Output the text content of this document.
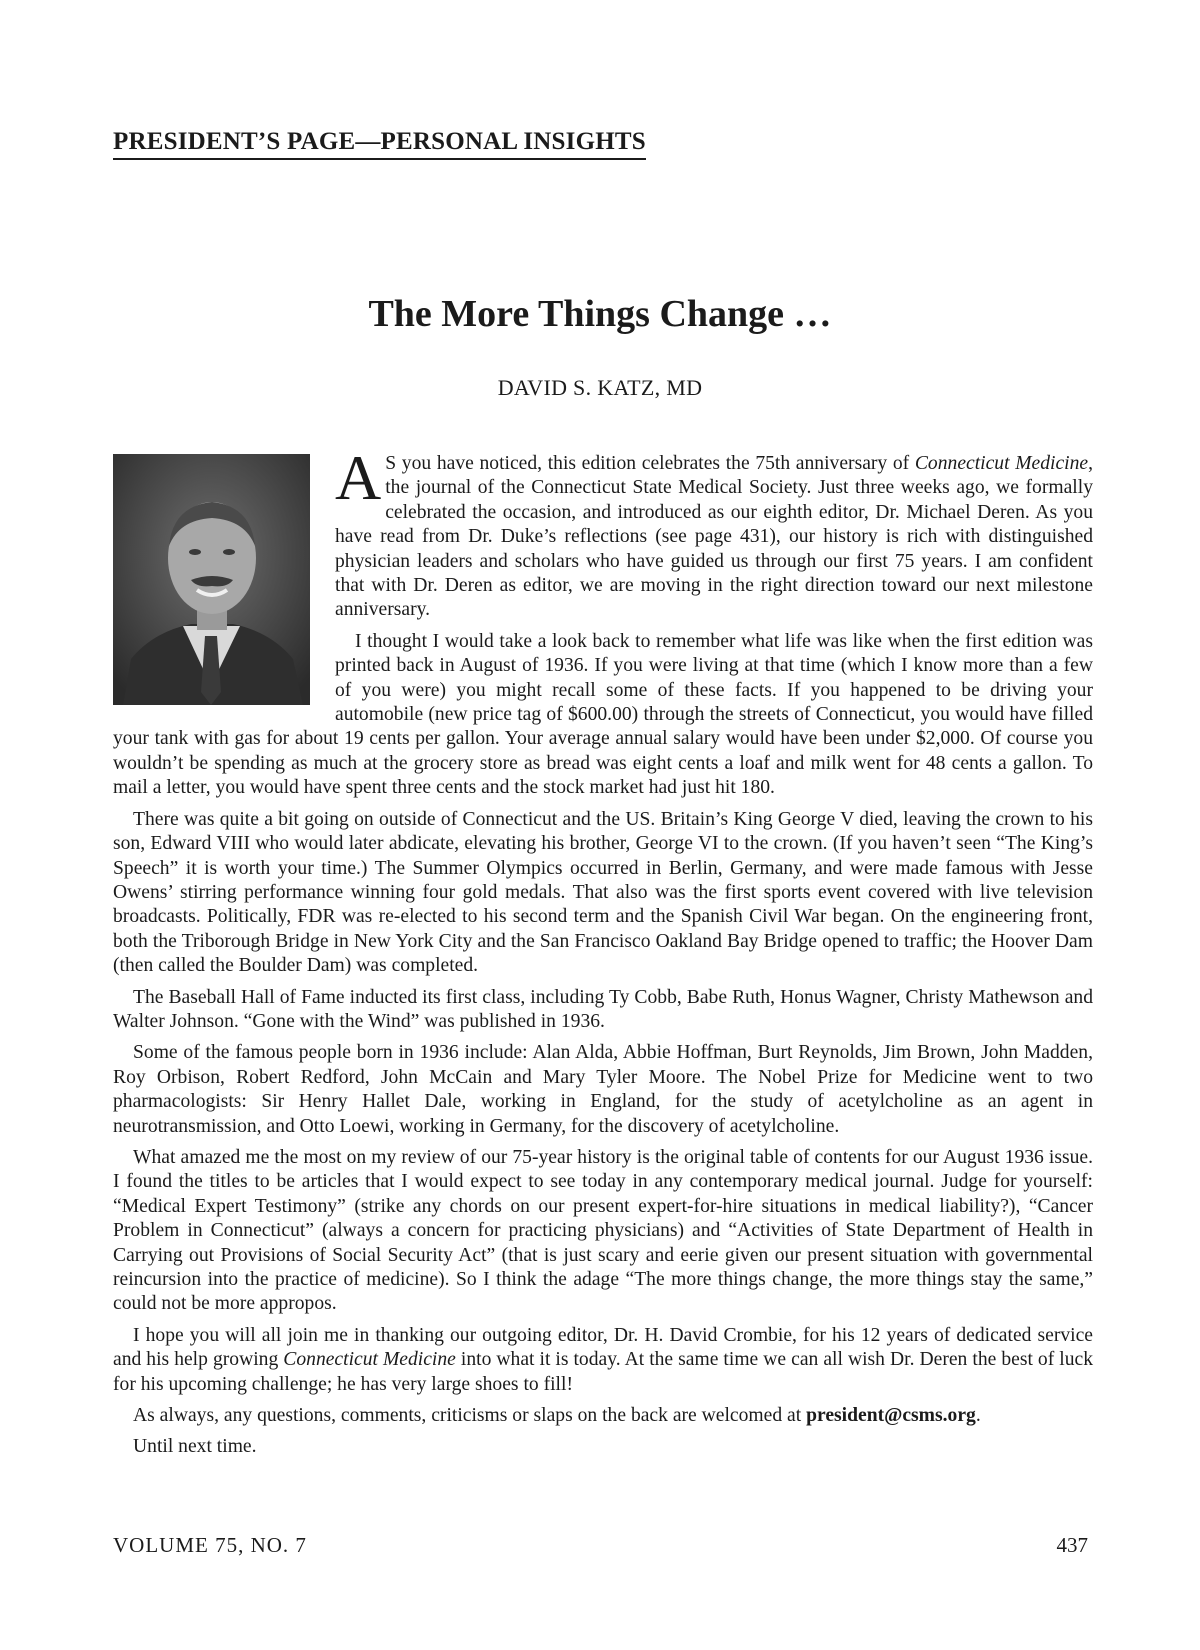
PRESIDENT’S PAGE—PERSONAL INSIGHTS
The More Things Change …
DAVID S. KATZ, MD

A S you have noticed, this edition celebrates the 75th anniversary of Connecticut Medicine, the journal of the Connecticut State Medical Society. Just three weeks ago, we formally celebrated the occasion, and introduced as our eighth editor, Dr. Michael Deren. As you have read from Dr. Duke’s reflections (see page 431), our history is rich with distinguished physician leaders and scholars who have guided us through our first 75 years. I am confident that with Dr. Deren as editor, we are moving in the right direction toward our next milestone anniversary.

I thought I would take a look back to remember what life was like when the first edition was printed back in August of 1936. If you were living at that time (which I know more than a few of you were) you might recall some of these facts. If you happened to be driving your automobile (new price tag of $600.00) through the streets of Connecticut, you would have filled your tank with gas for about 19 cents per gallon. Your average annual salary would have been under $2,000. Of course you wouldn’t be spending as much at the grocery store as bread was eight cents a loaf and milk went for 48 cents a gallon. To mail a letter, you would have spent three cents and the stock market had just hit 180.

There was quite a bit going on outside of Connecticut and the US. Britain’s King George V died, leaving the crown to his son, Edward VIII who would later abdicate, elevating his brother, George VI to the crown. (If you haven’t seen “The King’s Speech” it is worth your time.) The Summer Olympics occurred in Berlin, Germany, and were made famous with Jesse Owens’ stirring performance winning four gold medals. That also was the first sports event covered with live television broadcasts. Politically, FDR was re-elected to his second term and the Spanish Civil War began. On the engineering front, both the Triborough Bridge in New York City and the San Francisco Oakland Bay Bridge opened to traffic; the Hoover Dam (then called the Boulder Dam) was completed.

The Baseball Hall of Fame inducted its first class, including Ty Cobb, Babe Ruth, Honus Wagner, Christy Mathewson and Walter Johnson. “Gone with the Wind” was published in 1936.

Some of the famous people born in 1936 include: Alan Alda, Abbie Hoffman, Burt Reynolds, Jim Brown, John Madden, Roy Orbison, Robert Redford, John McCain and Mary Tyler Moore. The Nobel Prize for Medicine went to two pharmacologists: Sir Henry Hallet Dale, working in England, for the study of acetylcholine as an agent in neurotransmission, and Otto Loewi, working in Germany, for the discovery of acetylcholine.

What amazed me the most on my review of our 75-year history is the original table of contents for our August 1936 issue. I found the titles to be articles that I would expect to see today in any contemporary medical journal. Judge for yourself: “Medical Expert Testimony” (strike any chords on our present expert-for-hire situations in medical liability?), “Cancer Problem in Connecticut” (always a concern for practicing physicians) and “Activities of State Department of Health in Carrying out Provisions of Social Security Act” (that is just scary and eerie given our present situation with governmental reincursion into the practice of medicine). So I think the adage “The more things change, the more things stay the same,” could not be more appropos.

I hope you will all join me in thanking our outgoing editor, Dr. H. David Crombie, for his 12 years of dedicated service and his help growing Connecticut Medicine into what it is today. At the same time we can all wish Dr. Deren the best of luck for his upcoming challenge; he has very large shoes to fill!

As always, any questions, comments, criticisms or slaps on the back are welcomed at president@csms.org.

Until next time.

VOLUME 75, NO. 7	437
